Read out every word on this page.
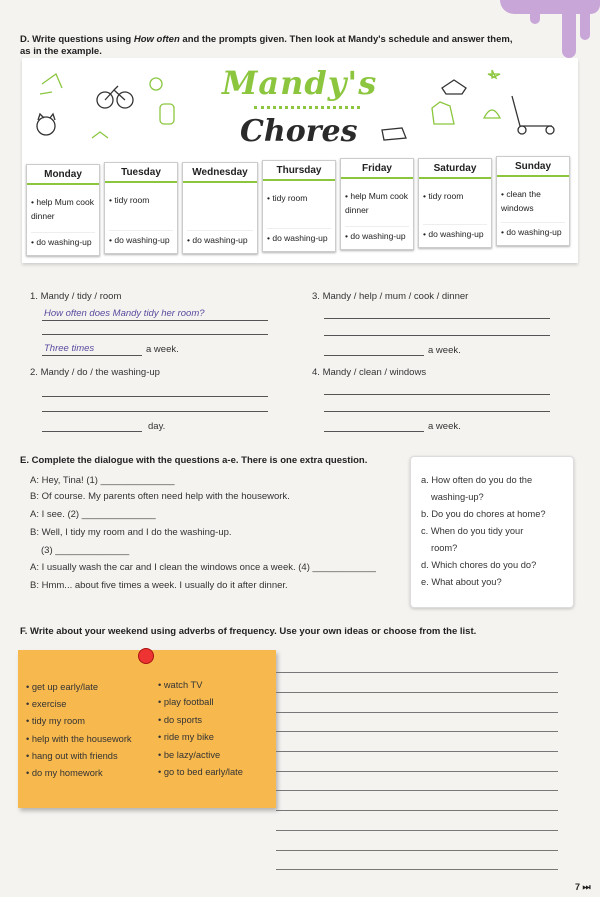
D. Write questions using How often and the prompts given. Then look at Mandy's schedule and answer them,
as in the example.
Mandy's
Chores
Monday
• help Mum cook dinner
• do washing-up
Tuesday
• tidy room
• do washing-up
Wednesday
• do washing-up
Thursday
• tidy room
• do washing-up
Friday
• help Mum cook dinner
• do washing-up
Saturday
• tidy room
• do washing-up
Sunday
• clean the windows
• do washing-up
1. Mandy / tidy / room
How often does Mandy tidy her room?
Three times	a week.
2. Mandy / do / the washing-up
day.
3. Mandy / help / mum / cook / dinner
a week.
4. Mandy / clean / windows
a week.
E. Complete the dialogue with the questions a-e. There is one extra question.
A: Hey, Tina! (1) ______________
B: Of course. My parents often need help with the housework.
A: I see. (2) ______________
B: Well, I tidy my room and I do the washing-up.
(3) ______________
A: I usually wash the car and I clean the windows once a week. (4) ____________
B: Hmm... about five times a week. I usually do it after dinner.
a. How often do you do the
washing-up?
b. Do you do chores at home?
c. When do you tidy your
room?
d. Which chores do you do?
e. What about you?
F. Write about your weekend using adverbs of frequency. Use your own ideas or choose from the list.
• get up early/late
• exercise
• tidy my room
• help with the housework
• hang out with friends
• do my homework
• watch TV
• play football
• do sports
• ride my bike
• be lazy/active
• go to bed early/late
7 ⏭
